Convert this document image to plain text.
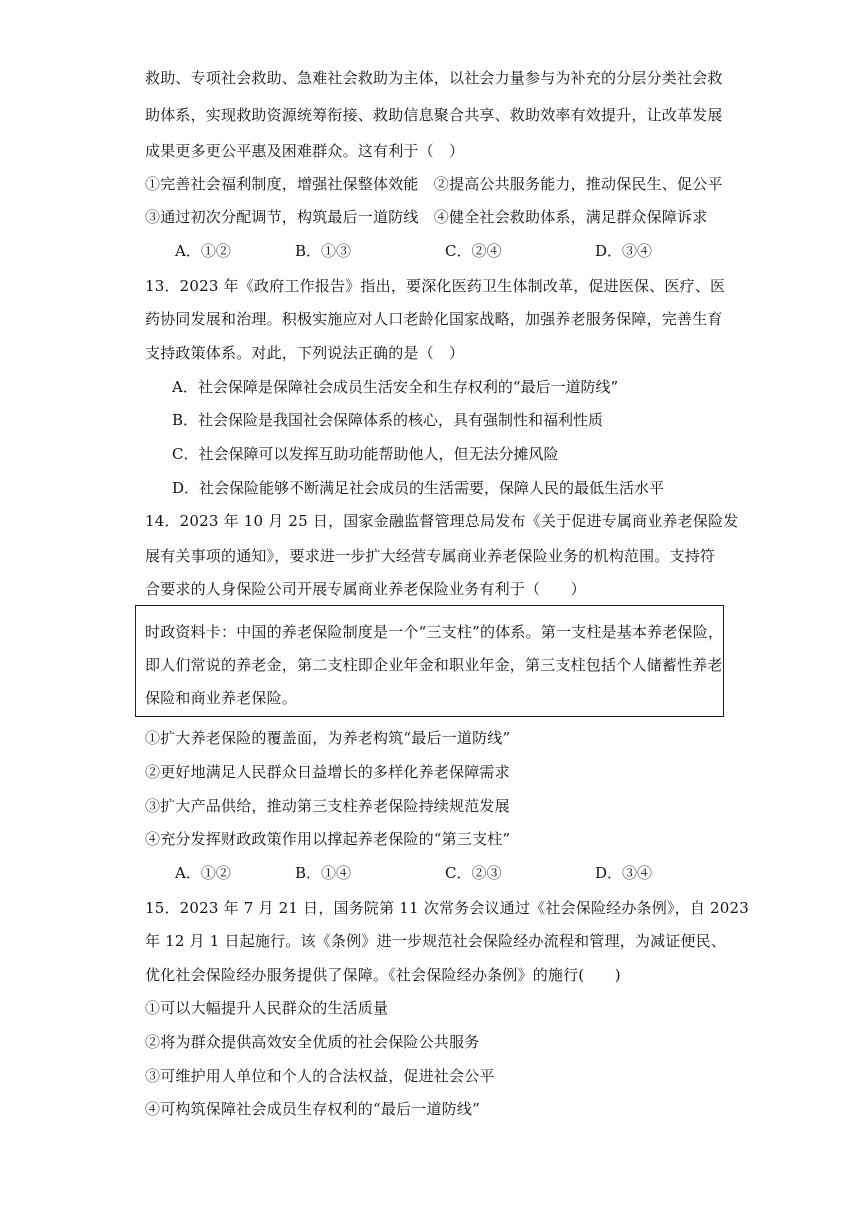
救助、专项社会救助、急难社会救助为主体，以社会力量参与为补充的分层分类社会救
助体系，实现救助资源统筹衔接、救助信息聚合共享、救助效率有效提升，让改革发展
成果更多更公平惠及困难群众。这有利于（　）
①完善社会福利制度，增强社保整体效能　②提高公共服务能力，推动保民生、促公平
③通过初次分配调节，构筑最后一道防线　④健全社会救助体系，满足群众保障诉求
A．①②	B．①③	C．②④	D．③④
13．2023 年《政府工作报告》指出，要深化医药卫生体制改革，促进医保、医疗、医
药协同发展和治理。积极实施应对人口老龄化国家战略，加强养老服务保障，完善生育
支持政策体系。对此，下列说法正确的是（　）
A．社会保障是保障社会成员生活安全和生存权利的“最后一道防线”
B．社会保险是我国社会保障体系的核心，具有强制性和福利性质
C．社会保障可以发挥互助功能帮助他人，但无法分摊风险
D．社会保险能够不断满足社会成员的生活需要，保障人民的最低生活水平
14．2023 年 10 月 25 日，国家金融监督管理总局发布《关于促进专属商业养老保险发
展有关事项的通知》，要求进一步扩大经营专属商业养老保险业务的机构范围。支持符
合要求的人身保险公司开展专属商业养老保险业务有利于（　　）
时政资料卡：中国的养老保险制度是一个“三支柱”的体系。第一支柱是基本养老保险，
即人们常说的养老金，第二支柱即企业年金和职业年金，第三支柱包括个人储蓄性养老
保险和商业养老保险。
①扩大养老保险的覆盖面，为养老构筑“最后一道防线”
②更好地满足人民群众日益增长的多样化养老保障需求
③扩大产品供给，推动第三支柱养老保险持续规范发展
④充分发挥财政政策作用以撑起养老保险的“第三支柱”
A．①②	B．①④	C．②③	D．③④
15．2023 年 7 月 21 日，国务院第 11 次常务会议通过《社会保险经办条例》，自 2023
年 12 月 1 日起施行。该《条例》进一步规范社会保险经办流程和管理，为减证便民、
优化社会保险经办服务提供了保障。《社会保险经办条例》的施行(　　)
①可以大幅提升人民群众的生活质量
②将为群众提供高效安全优质的社会保险公共服务
③可维护用人单位和个人的合法权益，促进社会公平
④可构筑保障社会成员生存权利的“最后一道防线”
